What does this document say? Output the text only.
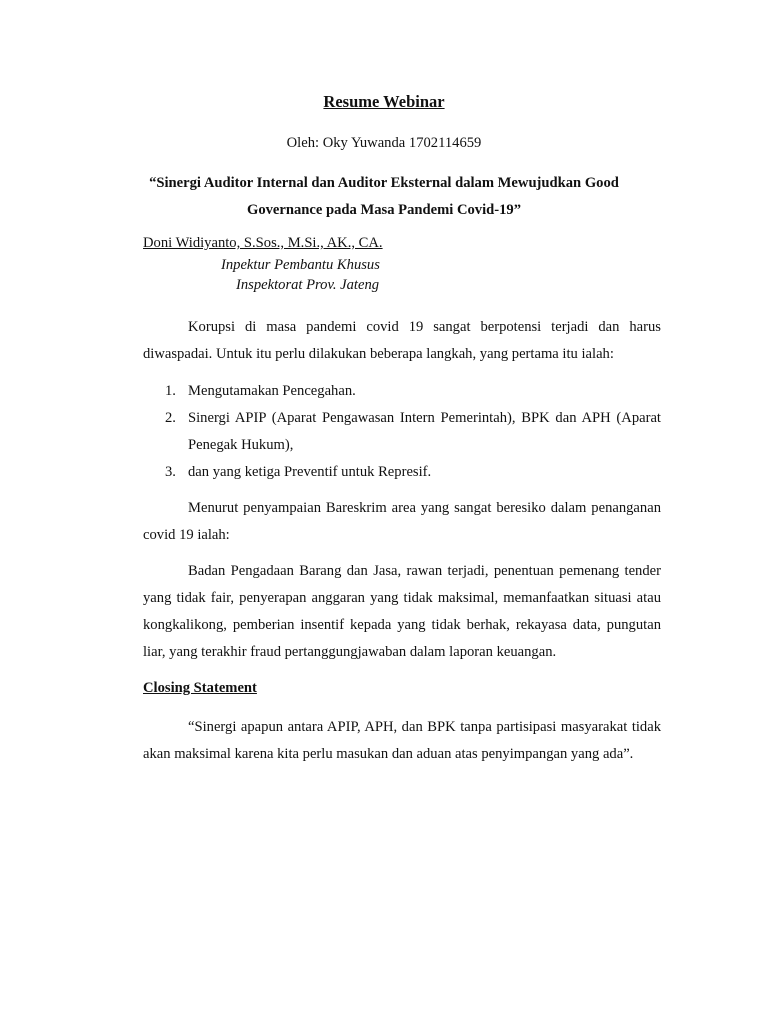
Resume Webinar
Oleh: Oky Yuwanda 1702114659
“Sinergi Auditor Internal dan Auditor Eksternal dalam Mewujudkan Good
Governance pada Masa Pandemi Covid-19”
Doni Widiyanto, S.Sos., M.Si., AK., CA.
Inpektur Pembantu Khusus
Inspektorat Prov. Jateng

Korupsi di masa pandemi covid 19 sangat berpotensi terjadi dan harus diwaspadai. Untuk itu perlu dilakukan beberapa langkah, yang pertama itu ialah:

1. Mengutamakan Pencegahan.
2. Sinergi APIP (Aparat Pengawasan Intern Pemerintah), BPK dan APH (Aparat Penegak Hukum),
3. dan yang ketiga Preventif untuk Represif.

Menurut penyampaian Bareskrim area yang sangat beresiko dalam penanganan covid 19 ialah:

Badan Pengadaan Barang dan Jasa, rawan terjadi, penentuan pemenang tender yang tidak fair, penyerapan anggaran yang tidak maksimal, memanfaatkan situasi atau kongkalikong, pemberian insentif kepada yang tidak berhak, rekayasa data, pungutan liar, yang terakhir fraud pertanggungjawaban dalam laporan keuangan.

Closing Statement

“Sinergi apapun antara APIP, APH, dan BPK tanpa partisipasi masyarakat tidak akan maksimal karena kita perlu masukan dan aduan atas penyimpangan yang ada”.
